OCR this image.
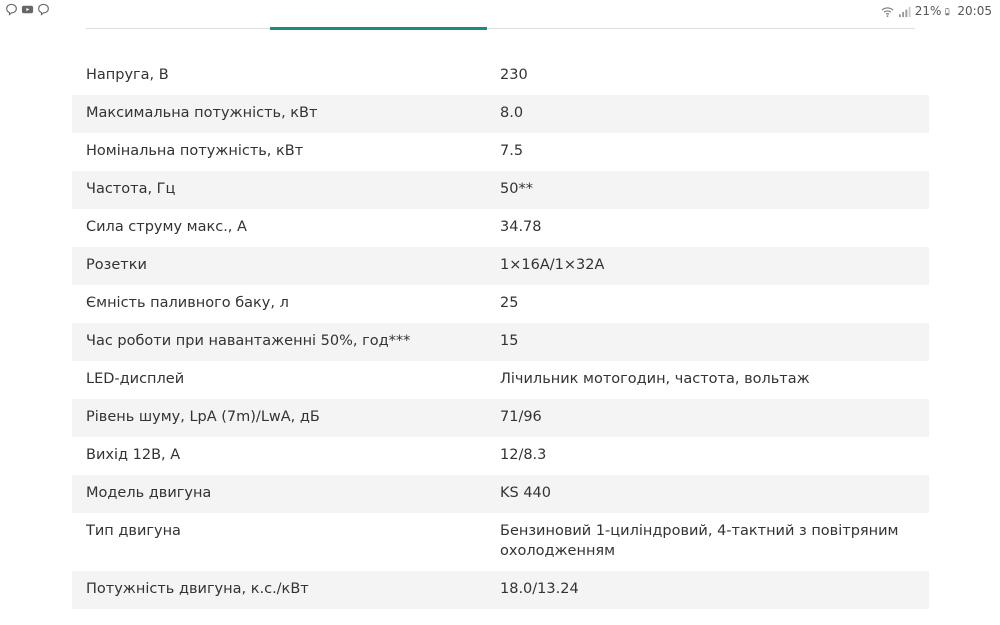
21% 20:05
Напруга, В	230
Максимальна потужність, кВт	8.0
Номінальна потужність, кВт	7.5
Частота, Гц	50**
Сила струму макс., А	34.78
Розетки	1×16А/1×32А
Ємність паливного баку, л	25
Час роботи при навантаженні 50%, год***	15
LED-дисплей	Лічильник мотогодин, частота, вольтаж
Рівень шуму, LpA (7m)/LwA, дБ	71/96
Вихід 12В, А	12/8.3
Модель двигуна	KS 440
Тип двигуна	Бензиновий 1-циліндровий, 4-тактний з повітряним охолодженням
Потужність двигуна, к.с./кВт	18.0/13.24
